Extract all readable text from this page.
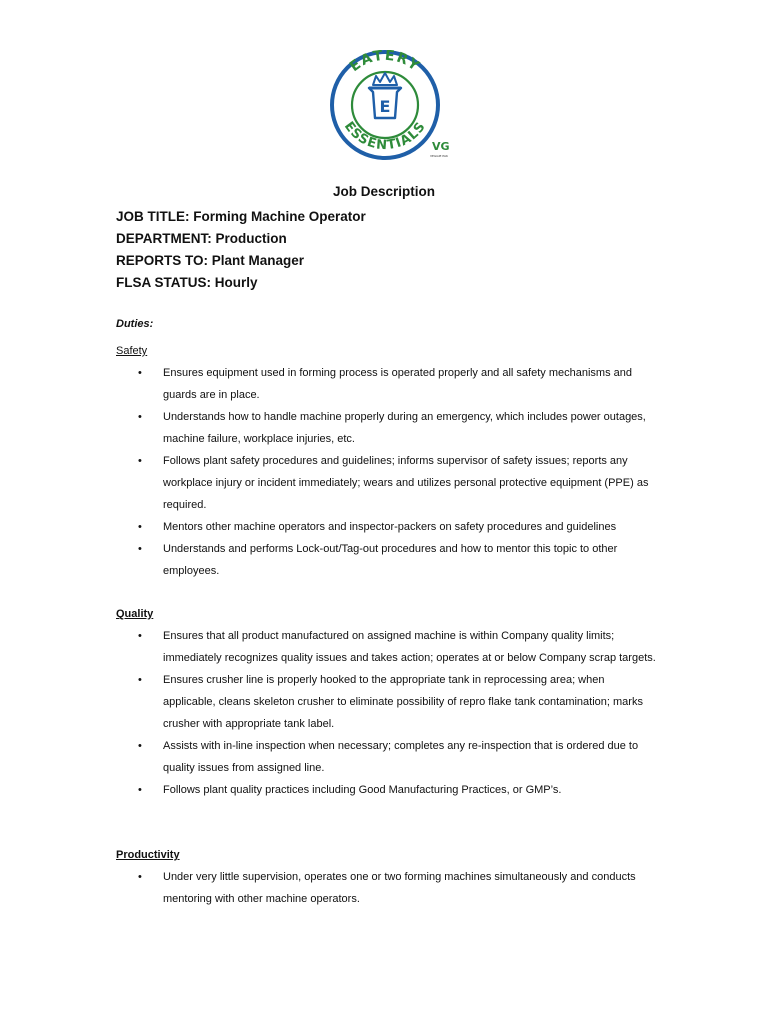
EATERY
ESSENTIALS
E
VG
VEGGIE PAK
Job Description
JOB TITLE: Forming Machine Operator
DEPARTMENT: Production
REPORTS TO: Plant Manager
FLSA STATUS: Hourly
Duties:
Safety
• Ensures equipment used in forming process is operated properly and all safety mechanisms and guards are in place.
• Understands how to handle machine properly during an emergency, which includes power outages, machine failure, workplace injuries, etc.
• Follows plant safety procedures and guidelines; informs supervisor of safety issues; reports any workplace injury or incident immediately; wears and utilizes personal protective equipment (PPE) as required.
• Mentors other machine operators and inspector-packers on safety procedures and guidelines
• Understands and performs Lock-out/Tag-out procedures and how to mentor this topic to other employees.
Quality
• Ensures that all product manufactured on assigned machine is within Company quality limits; immediately recognizes quality issues and takes action; operates at or below Company scrap targets.
• Ensures crusher line is properly hooked to the appropriate tank in reprocessing area; when applicable, cleans skeleton crusher to eliminate possibility of repro flake tank contamination; marks crusher with appropriate tank label.
• Assists with in-line inspection when necessary; completes any re-inspection that is ordered due to quality issues from assigned line.
• Follows plant quality practices including Good Manufacturing Practices, or GMP’s.
Productivity
• Under very little supervision, operates one or two forming machines simultaneously and conducts mentoring with other machine operators.
